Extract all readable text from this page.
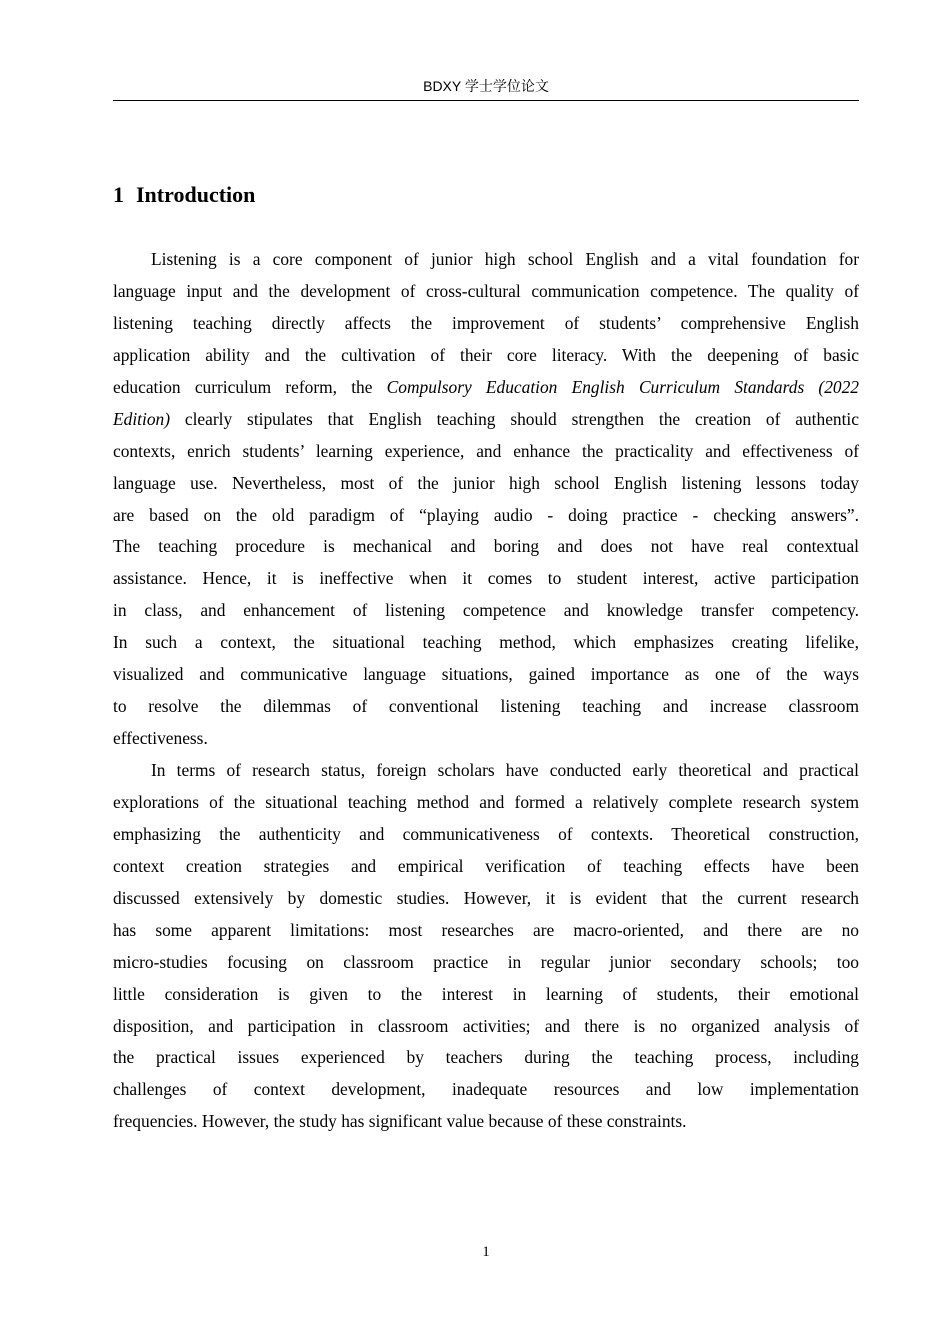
BDXY 学士学位论文
1 Introduction
Listening is a core component of junior high school English and a vital foundation for
language input and the development of cross-cultural communication competence. The quality of
listening teaching directly affects the improvement of students’ comprehensive English
application ability and the cultivation of their core literacy. With the deepening of basic
education curriculum reform, the Compulsory Education English Curriculum Standards (2022
Edition) clearly stipulates that English teaching should strengthen the creation of authentic
contexts, enrich students’ learning experience, and enhance the practicality and effectiveness of
language use. Nevertheless, most of the junior high school English listening lessons today
are based on the old paradigm of “playing audio - doing practice - checking answers”.
The teaching procedure is mechanical and boring and does not have real contextual
assistance. Hence, it is ineffective when it comes to student interest, active participation
in class, and enhancement of listening competence and knowledge transfer competency.
In such a context, the situational teaching method, which emphasizes creating lifelike,
visualized and communicative language situations, gained importance as one of the ways
to resolve the dilemmas of conventional listening teaching and increase classroom
effectiveness.
In terms of research status, foreign scholars have conducted early theoretical and practical
explorations of the situational teaching method and formed a relatively complete research system
emphasizing the authenticity and communicativeness of contexts. Theoretical construction,
context creation strategies and empirical verification of teaching effects have been
discussed extensively by domestic studies. However, it is evident that the current research
has some apparent limitations: most researches are macro-oriented, and there are no
micro-studies focusing on classroom practice in regular junior secondary schools; too
little consideration is given to the interest in learning of students, their emotional
disposition, and participation in classroom activities; and there is no organized analysis of
the practical issues experienced by teachers during the teaching process, including
challenges of context development, inadequate resources and low implementation
frequencies. However, the study has significant value because of these constraints.
1
